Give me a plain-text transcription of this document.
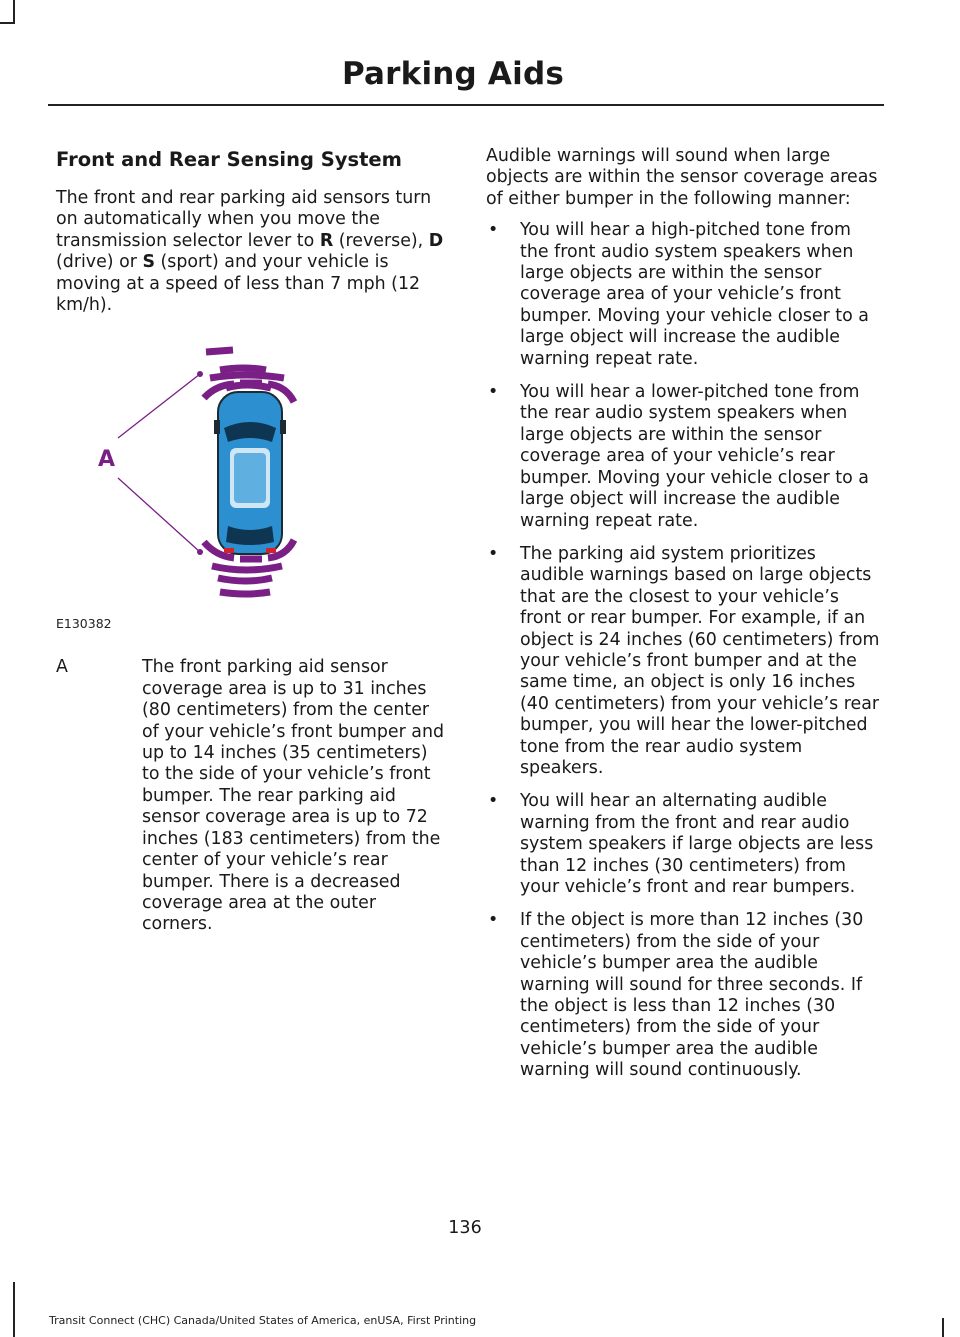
Parking Aids
Front and Rear Sensing System

The front and rear parking aid sensors turn on automatically when you move the transmission selector lever to R (reverse), D (drive) or S (sport) and your vehicle is moving at a speed of less than 7 mph (12 km/h).

A
E130382
A	The front parking aid sensor coverage area is up to 31 inches (80 centimeters) from the center of your vehicle’s front bumper and up to 14 inches (35 centimeters) to the side of your vehicle’s front bumper. The rear parking aid sensor coverage area is up to 72 inches (183 centimeters) from the center of your vehicle’s rear bumper. There is a decreased coverage area at the outer corners.

Audible warnings will sound when large objects are within the sensor coverage areas of either bumper in the following manner:

• You will hear a high-pitched tone from the front audio system speakers when large objects are within the sensor coverage area of your vehicle’s front bumper. Moving your vehicle closer to a large object will increase the audible warning repeat rate.
• You will hear a lower-pitched tone from the rear audio system speakers when large objects are within the sensor coverage area of your vehicle’s rear bumper. Moving your vehicle closer to a large object will increase the audible warning repeat rate.
• The parking aid system prioritizes audible warnings based on large objects that are the closest to your vehicle’s front or rear bumper. For example, if an object is 24 inches (60 centimeters) from your vehicle’s front bumper and at the same time, an object is only 16 inches (40 centimeters) from your vehicle’s rear bumper, you will hear the lower-pitched tone from the rear audio system speakers.
• You will hear an alternating audible warning from the front and rear audio system speakers if large objects are less than 12 inches (30 centimeters) from your vehicle’s front and rear bumpers.
• If the object is more than 12 inches (30 centimeters) from the side of your vehicle’s bumper area the audible warning will sound for three seconds. If the object is less than 12 inches (30 centimeters) from the side of your vehicle’s bumper area the audible warning will sound continuously.
136
Transit Connect (CHC) Canada/United States of America, enUSA, First Printing
